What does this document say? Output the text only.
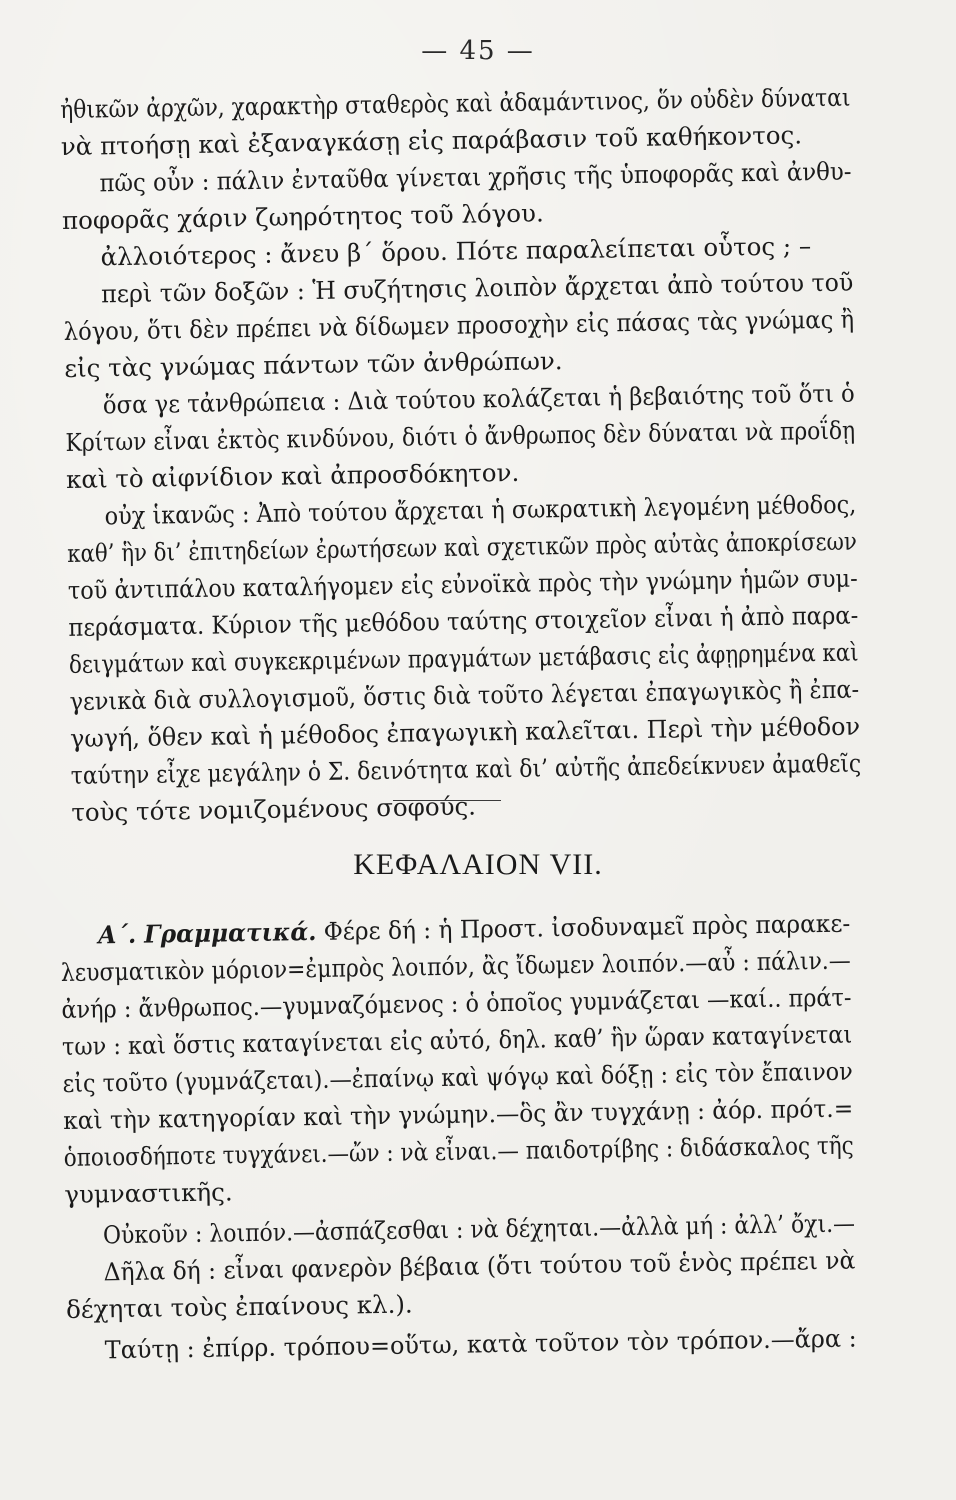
— 45 —
ἠθικῶν ἀρχῶν, χαρακτὴρ σταθερὸς καὶ ἀδαμάντινος, ὅν οὐδὲν δύναται
νὰ πτοήσῃ καὶ ἐξαναγκάσῃ εἰς παράβασιν τοῦ καθήκοντος.
πῶς οὖν : πάλιν ἐνταῦθα γίνεται χρῆσις τῆς ὑποφορᾶς καὶ ἀνθυ-
ποφορᾶς χάριν ζωηρότητος τοῦ λόγου.
ἀλλοιότερος : ἄνευ β΄ ὅρου. Πότε παραλείπεται οὗτος ; –
περὶ τῶν δοξῶν : Ἡ συζήτησις λοιπὸν ἄρχεται ἀπὸ τούτου τοῦ
λόγου, ὅτι δὲν πρέπει νὰ δίδωμεν προσοχὴν εἰς πάσας τὰς γνώμας ἢ
εἰς τὰς γνώμας πάντων τῶν ἀνθρώπων.
ὅσα γε τἀνθρώπεια : Διὰ τούτου κολάζεται ἡ βεβαιότης τοῦ ὅτι ὁ
Κρίτων εἶναι ἐκτὸς κινδύνου, διότι ὁ ἄνθρωπος δὲν δύναται νὰ προΐδῃ
καὶ τὸ αἰφνίδιον καὶ ἀπροσδόκητον.
οὐχ ἱκανῶς : Ἀπὸ τούτου ἄρχεται ἡ σωκρατικὴ λεγομένη μέθοδος,
καθ’ ἣν δι’ ἐπιτηδείων ἐρωτήσεων καὶ σχετικῶν πρὸς αὐτὰς ἀποκρίσεων
τοῦ ἀντιπάλου καταλήγομεν εἰς εὐνοϊκὰ πρὸς τὴν γνώμην ἡμῶν συμ-
περάσματα. Κύριον τῆς μεθόδου ταύτης στοιχεῖον εἶναι ἡ ἀπὸ παρα-
δειγμάτων καὶ συγκεκριμένων πραγμάτων μετάβασις εἰς ἀφῃρημένα καὶ
γενικὰ διὰ συλλογισμοῦ, ὅστις διὰ τοῦτο λέγεται ἐπαγωγικὸς ἢ ἐπα-
γωγή, ὅθεν καὶ ἡ μέθοδος ἐπαγωγικὴ καλεῖται. Περὶ τὴν μέθοδον
ταύτην εἶχε μεγάλην ὁ Σ. δεινότητα καὶ δι’ αὐτῆς ἀπεδείκνυεν ἀμαθεῖς
τοὺς τότε νομιζομένους σοφούς.
ΚΕΦΑΛΑΙΟΝ VII.
Α΄. Γραμματικά. Φέρε δή : ἡ Προστ. ἰσοδυναμεῖ πρὸς παρακε-
λευσματικὸν μόριον=ἐμπρὸς λοιπόν, ἂς ἴδωμεν λοιπόν.—αὖ : πάλιν.—
ἀνήρ : ἄνθρωπος.—γυμναζόμενος : ὁ ὁποῖος γυμνάζεται —καί.. πράτ-
των : καὶ ὅστις καταγίνεται εἰς αὐτό, δηλ. καθ’ ἣν ὥραν καταγίνεται
εἰς τοῦτο (γυμνάζεται).—ἐπαίνῳ καὶ ψόγῳ καὶ δόξῃ : εἰς τὸν ἔπαινον
καὶ τὴν κατηγορίαν καὶ τὴν γνώμην.—ὃς ἂν τυγχάνῃ : ἀόρ. πρότ.=
ὁποιοσδήποτε τυγχάνει.—ὤν : νὰ εἶναι.— παιδοτρίβης : διδάσκαλος τῆς
γυμναστικῆς.
Οὐκοῦν : λοιπόν.—ἀσπάζεσθαι : νὰ δέχηται.—ἀλλὰ μή : ἀλλ’ ὄχι.—
Δῆλα δή : εἶναι φανερὸν βέβαια (ὅτι τούτου τοῦ ἑνὸς πρέπει νὰ
δέχηται τοὺς ἐπαίνους κλ.).
Ταύτῃ : ἐπίρρ. τρόπου=οὕτω, κατὰ τοῦτον τὸν τρόπον.—ἄρα :
